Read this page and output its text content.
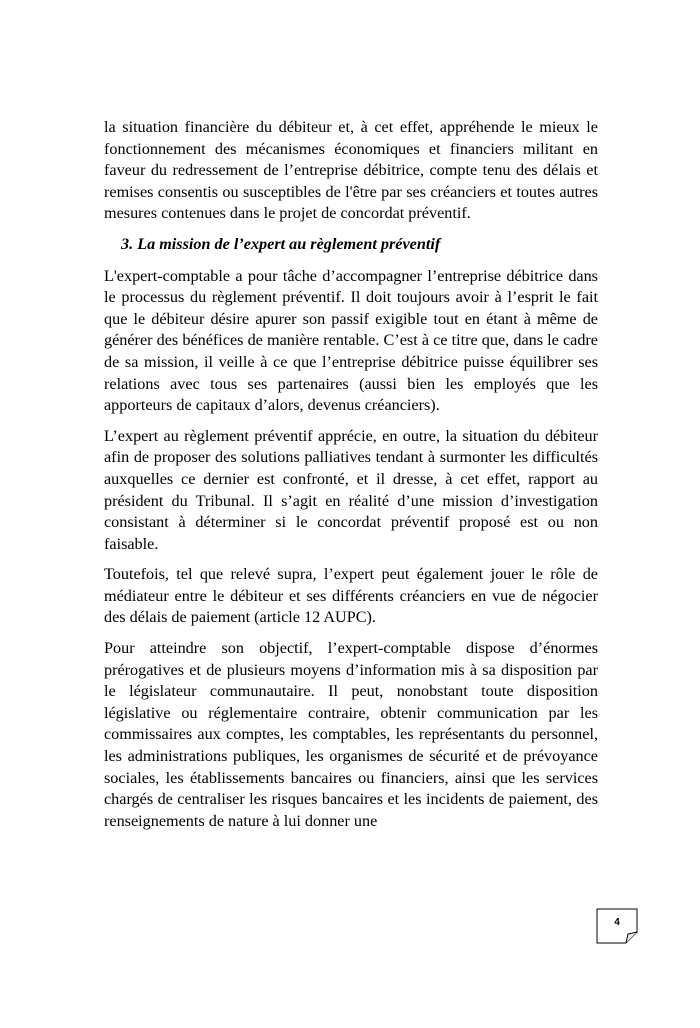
la situation financière du débiteur et, à cet effet, appréhende le mieux le fonctionnement des mécanismes économiques et financiers militant en faveur du redressement de l’entreprise débitrice, compte tenu des délais et remises consentis ou susceptibles de l'être par ses créanciers et toutes autres mesures contenues dans le projet de concordat préventif.

3. La mission de l’expert au règlement préventif

L'expert-comptable a pour tâche d’accompagner l’entreprise débitrice dans le processus du règlement préventif. Il doit toujours avoir à l’esprit le fait que le débiteur désire apurer son passif exigible tout en étant à même de générer des bénéfices de manière rentable. C’est à ce titre que, dans le cadre de sa mission, il veille à ce que l’entreprise débitrice puisse équilibrer ses relations avec tous ses partenaires (aussi bien les employés que les apporteurs de capitaux d’alors, devenus créanciers).

L’expert au règlement préventif apprécie, en outre, la situation du débiteur afin de proposer des solutions palliatives tendant à surmonter les difficultés auxquelles ce dernier est confronté, et il dresse, à cet effet, rapport au président du Tribunal. Il s’agit en réalité d’une mission d’investigation consistant à déterminer si le concordat préventif proposé est ou non faisable.

Toutefois, tel que relevé supra, l’expert peut également jouer le rôle de médiateur entre le débiteur et ses différents créanciers en vue de négocier des délais de paiement (article 12 AUPC).

Pour atteindre son objectif, l’expert-comptable dispose d’énormes prérogatives et de plusieurs moyens d’information mis à sa disposition par le législateur communautaire. Il peut, nonobstant toute disposition législative ou réglementaire contraire, obtenir communication par les commissaires aux comptes, les comptables, les représentants du personnel, les administrations publiques, les organismes de sécurité et de prévoyance sociales, les établissements bancaires ou financiers, ainsi que les services chargés de centraliser les risques bancaires et les incidents de paiement, des renseignements de nature à lui donner une

4
